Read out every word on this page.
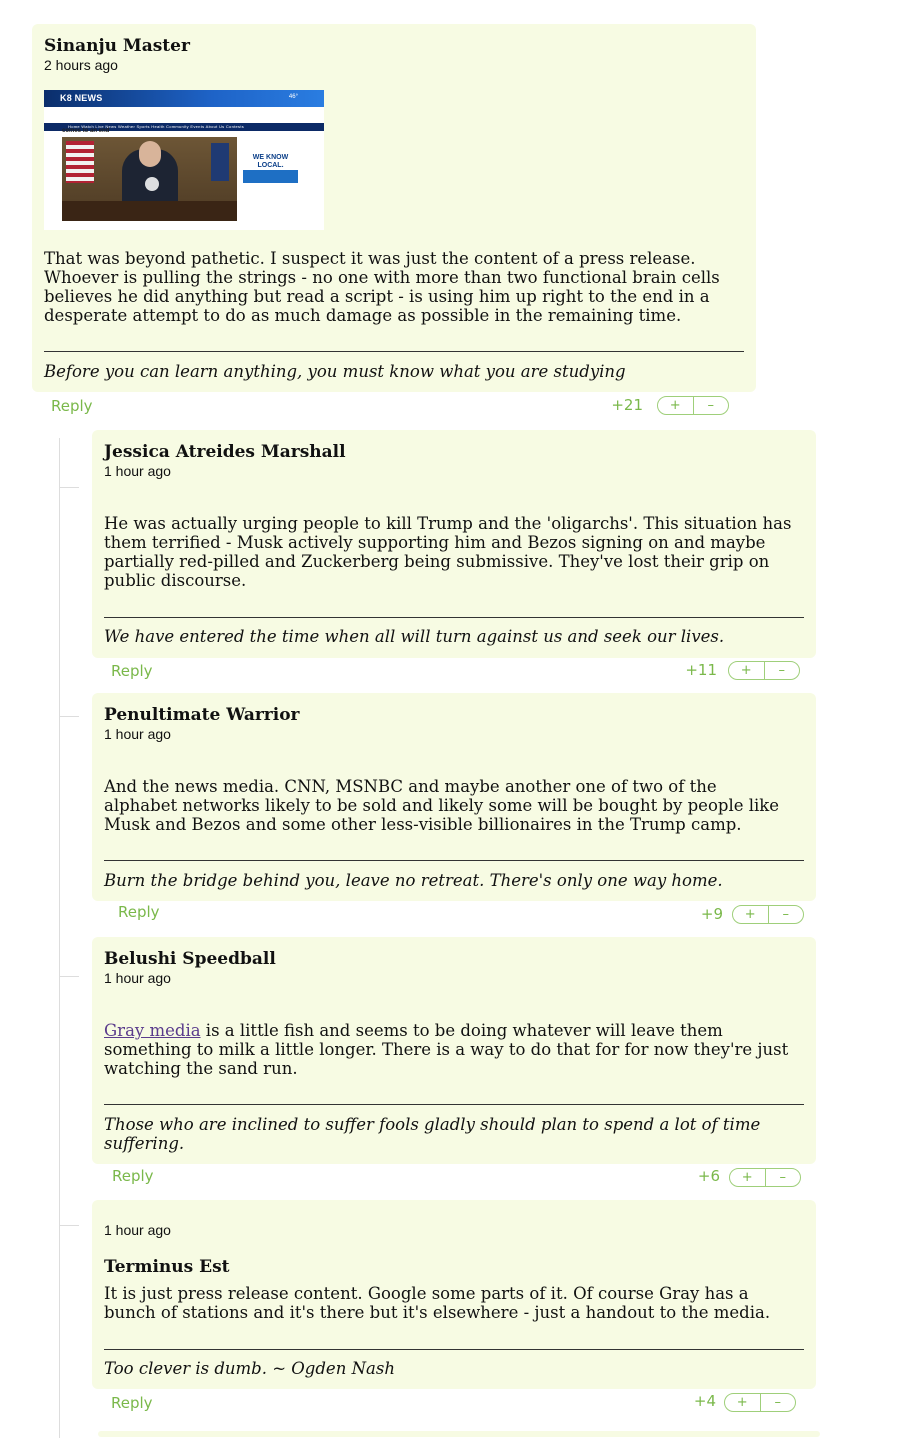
Sinanju Master
2 hours ago
K8 NEWS	46°
Home Watch Live News Weather Sports Health Community Events About Us Contests
comes to an end
WE KNOW
LOCAL.
That was beyond pathetic. I suspect it was just the content of a press release. Whoever is pulling the strings - no one with more than two functional brain cells believes he did anything but read a script - is using him up right to the end in a desperate attempt to do as much damage as possible in the remaining time.
Before you can learn anything, you must know what you are studying
Reply	+21	+	–
Jessica Atreides Marshall
1 hour ago
He was actually urging people to kill Trump and the 'oligarchs'. This situation has them terrified - Musk actively supporting him and Bezos signing on and maybe partially red-pilled and Zuckerberg being submissive. They've lost their grip on public discourse.
We have entered the time when all will turn against us and seek our lives.
Reply	+11	+	–
Penultimate Warrior
1 hour ago
And the news media. CNN, MSNBC and maybe another one of two of the alphabet networks likely to be sold and likely some will be bought by people like Musk and Bezos and some other less-visible billionaires in the Trump camp.
Burn the bridge behind you, leave no retreat. There's only one way home.
Reply	+9	+	–
Belushi Speedball
1 hour ago
Gray media is a little fish and seems to be doing whatever will leave them something to milk a little longer. There is a way to do that for for now they're just watching the sand run.
Those who are inclined to suffer fools gladly should plan to spend a lot of time suffering.
Reply	+6	+	–
1 hour ago
Terminus Est
It is just press release content. Google some parts of it. Of course Gray has a bunch of stations and it's there but it's elsewhere - just a handout to the media.
Too clever is dumb. ~ Ogden Nash
Reply	+4	+	–
